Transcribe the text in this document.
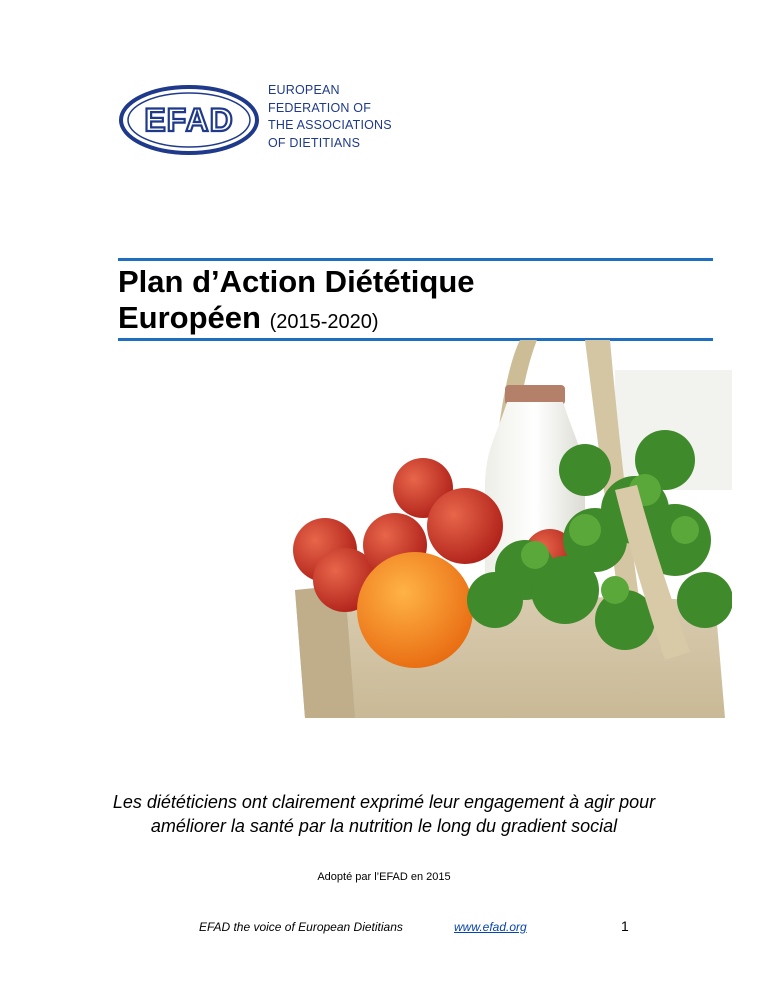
EFAD
EUROPEAN
FEDERATION OF
THE ASSOCIATIONS
OF DIETITIANS
Plan d’Action Diététique
Européen (2015-2020)
Les diététiciens ont clairement exprimé leur engagement à agir pour améliorer la santé par la nutrition le long du gradient social
Adopté par l’EFAD en 2015
EFAD the voice of European Dietitians	www.efad.org	1
